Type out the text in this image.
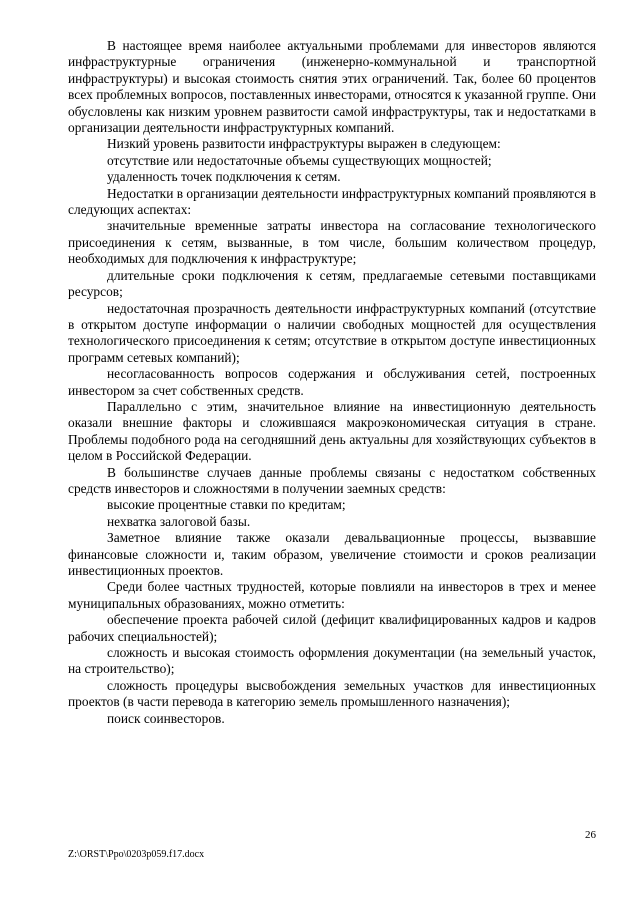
В настоящее время наиболее актуальными проблемами для инвесторов являются инфраструктурные ограничения (инженерно-коммунальной и транспортной инфраструктуры) и высокая стоимость снятия этих ограничений. Так, более 60 процентов всех проблемных вопросов, поставленных инвесторами, относятся к указанной группе. Они обусловлены как низким уровнем развитости самой инфраструктуры, так и недостатками в организации деятельности инфраструктурных компаний.

Низкий уровень развитости инфраструктуры выражен в следующем:

отсутствие или недостаточные объемы существующих мощностей;

удаленность точек подключения к сетям.

Недостатки в организации деятельности инфраструктурных компаний проявляются в следующих аспектах:

значительные временные затраты инвестора на согласование технологического присоединения к сетям, вызванные, в том числе, большим количеством процедур, необходимых для подключения к инфраструктуре;

длительные сроки подключения к сетям, предлагаемые сетевыми поставщиками ресурсов;

недостаточная прозрачность деятельности инфраструктурных компаний (отсутствие в открытом доступе информации о наличии свободных мощностей для осуществления технологического присоединения к сетям; отсутствие в открытом доступе инвестиционных программ сетевых компаний);

несогласованность вопросов содержания и обслуживания сетей, построенных инвестором за счет собственных средств.

Параллельно с этим, значительное влияние на инвестиционную деятельность оказали внешние факторы и сложившаяся макроэкономическая ситуация в стране. Проблемы подобного рода на сегодняшний день актуальны для хозяйствующих субъектов в целом в Российской Федерации.

В большинстве случаев данные проблемы связаны с недостатком собственных средств инвесторов и сложностями в получении заемных средств:

высокие процентные ставки по кредитам;

нехватка залоговой базы.

Заметное влияние также оказали девальвационные процессы, вызвавшие финансовые сложности и, таким образом, увеличение стоимости и сроков реализации инвестиционных проектов.

Среди более частных трудностей, которые повлияли на инвесторов в трех и менее муниципальных образованиях, можно отметить:

обеспечение проекта рабочей силой (дефицит квалифицированных кадров и кадров рабочих специальностей);

сложность и высокая стоимость оформления документации (на земельный участок, на строительство);

сложность процедуры высвобождения земельных участков для инвестиционных проектов (в части перевода в категорию земель промышленного назначения);

поиск соинвесторов.

26
Z:\ORST\Ppo\0203p059.f17.docx
